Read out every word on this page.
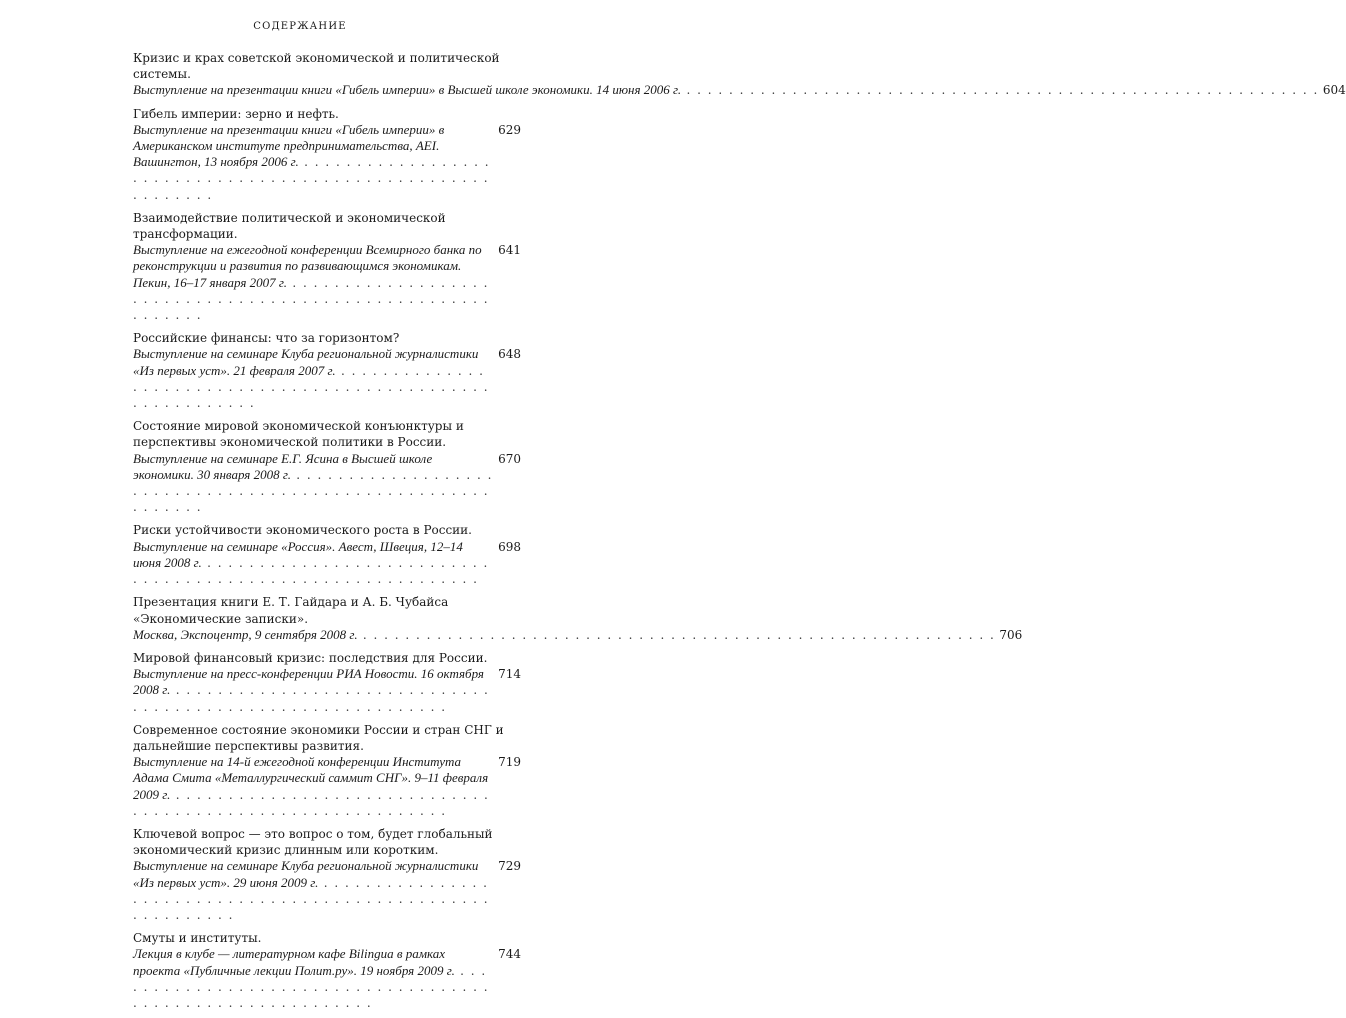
СОДЕРЖАНИЕ
Кризис и крах советской экономической и политической системы.
Выступление на презентации книги «Гибель империи» в Высшей школе экономики. 14 июня 2006 г. . . .	604
Гибель империи: зерно и нефть.
Выступление на презентации книги «Гибель империи» в Американском институте предпринимательства, AEI. Вашингтон, 13 ноября 2006 г. . . .
629
Взаимодействие политической и экономической трансформации.
Выступление на ежегодной конференции Всемирного банка по реконструкции и развития по развивающимся экономикам. Пекин, 16–17 января 2007 г. . . .
641
Российские финансы: что за горизонтом?
Выступление на семинаре Клуба региональной журналистики «Из первых уст». 21 февраля 2007 г. . . .
648
Состояние мировой экономической конъюнктуры и перспективы экономической политики в России.
Выступление на семинаре Е.Г. Ясина в Высшей школе экономики. 30 января 2008 г. . . .
670
Риски устойчивости экономического роста в России.
Выступление на семинаре «Россия». Авест, Швеция, 12–14 июня 2008 г. . . .
698
Презентация книги Е. Т. Гайдара и А. Б. Чубайса «Экономические записки».
Москва, Экспоцентр, 9 сентября 2008 г. . . .	706
Мировой финансовый кризис: последствия для России.
Выступление на пресс-конференции РИА Новости. 16 октября 2008 г. . . .
714
Современное состояние экономики России и стран СНГ и дальнейшие перспективы развития.
Выступление на 14-й ежегодной конференции Института Адама Смита «Металлургический саммит СНГ». 9–11 февраля 2009 г. . . .
719
Ключевой вопрос — это вопрос о том, будет глобальный экономический кризис длинным или коротким.
Выступление на семинаре Клуба региональной журналистики «Из первых уст». 29 июня 2009 г. . . .
729
Смуты и институты.
Лекция в клубе — литературном кафе Bilingua в рамках проекта «Публичные лекции Полит.ру». 19 ноября 2009 г. . . .
744
